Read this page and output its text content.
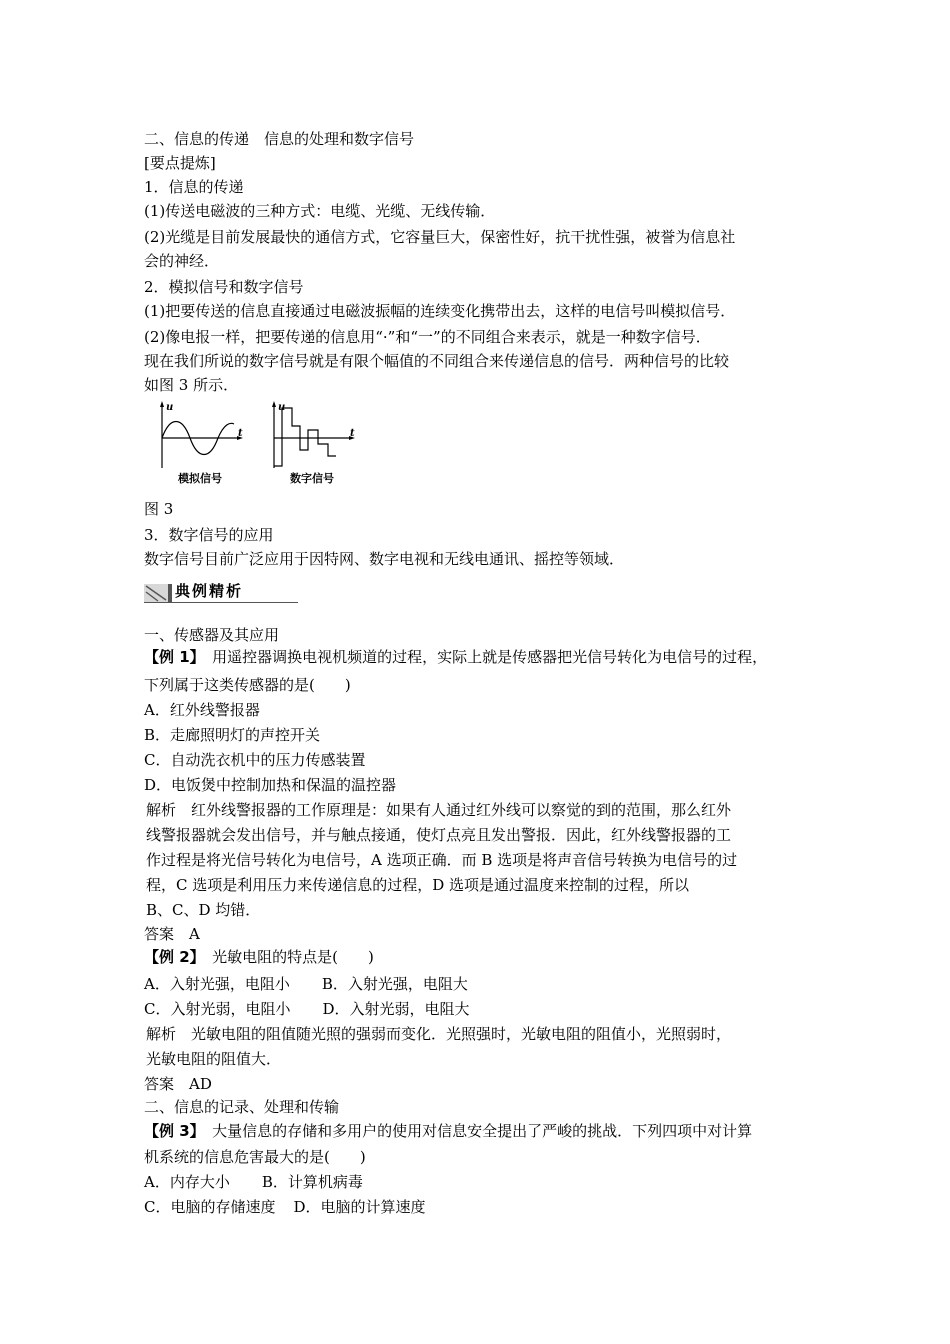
二、信息的传递　信息的处理和数字信号
[要点提炼]
1．信息的传递
(1)传送电磁波的三种方式：电缆、光缆、无线传输．
(2)光缆是目前发展最快的通信方式，它容量巨大，保密性好，抗干扰性强，被誉为信息社
会的神经．
2．模拟信号和数字信号
(1)把要传送的信息直接通过电磁波振幅的连续变化携带出去，这样的电信号叫模拟信号．
(2)像电报一样，把要传递的信息用“·”和“一”的不同组合来表示，就是一种数字信号．
现在我们所说的数字信号就是有限个幅值的不同组合来传递信息的信号．两种信号的比较
如图 3 所示．
u
t
模拟信号
u
t
数字信号
图 3
3．数字信号的应用
数字信号目前广泛应用于因特网、数字电视和无线电通讯、摇控等领域．
典例精析
一、传感器及其应用
【例 1】　用遥控器调换电视机频道的过程，实际上就是传感器把光信号转化为电信号的过程，
下列属于这类传感器的是(　　)
A．红外线警报器
B．走廊照明灯的声控开关
C．自动洗衣机中的压力传感装置
D．电饭煲中控制加热和保温的温控器
解析　红外线警报器的工作原理是：如果有人通过红外线可以察觉的到的范围，那么红外
线警报器就会发出信号，并与触点接通，使灯点亮且发出警报．因此，红外线警报器的工
作过程是将光信号转化为电信号，A 选项正确．而 B 选项是将声音信号转换为电信号的过
程，C 选项是利用压力来传递信息的过程，D 选项是通过温度来控制的过程，所以
B、C、D 均错．
答案　A
【例 2】　光敏电阻的特点是(　　)
A．入射光强，电阻小 B．入射光强，电阻大
C．入射光弱，电阻小 D．入射光弱，电阻大
解析　光敏电阻的阻值随光照的强弱而变化．光照强时，光敏电阻的阻值小，光照弱时，
光敏电阻的阻值大．
答案　AD
二、信息的记录、处理和传输
【例 3】　大量信息的存储和多用户的使用对信息安全提出了严峻的挑战．下列四项中对计算
机系统的信息危害最大的是(　　)
A．内存大小 B．计算机病毒
C．电脑的存储速度 D．电脑的计算速度
